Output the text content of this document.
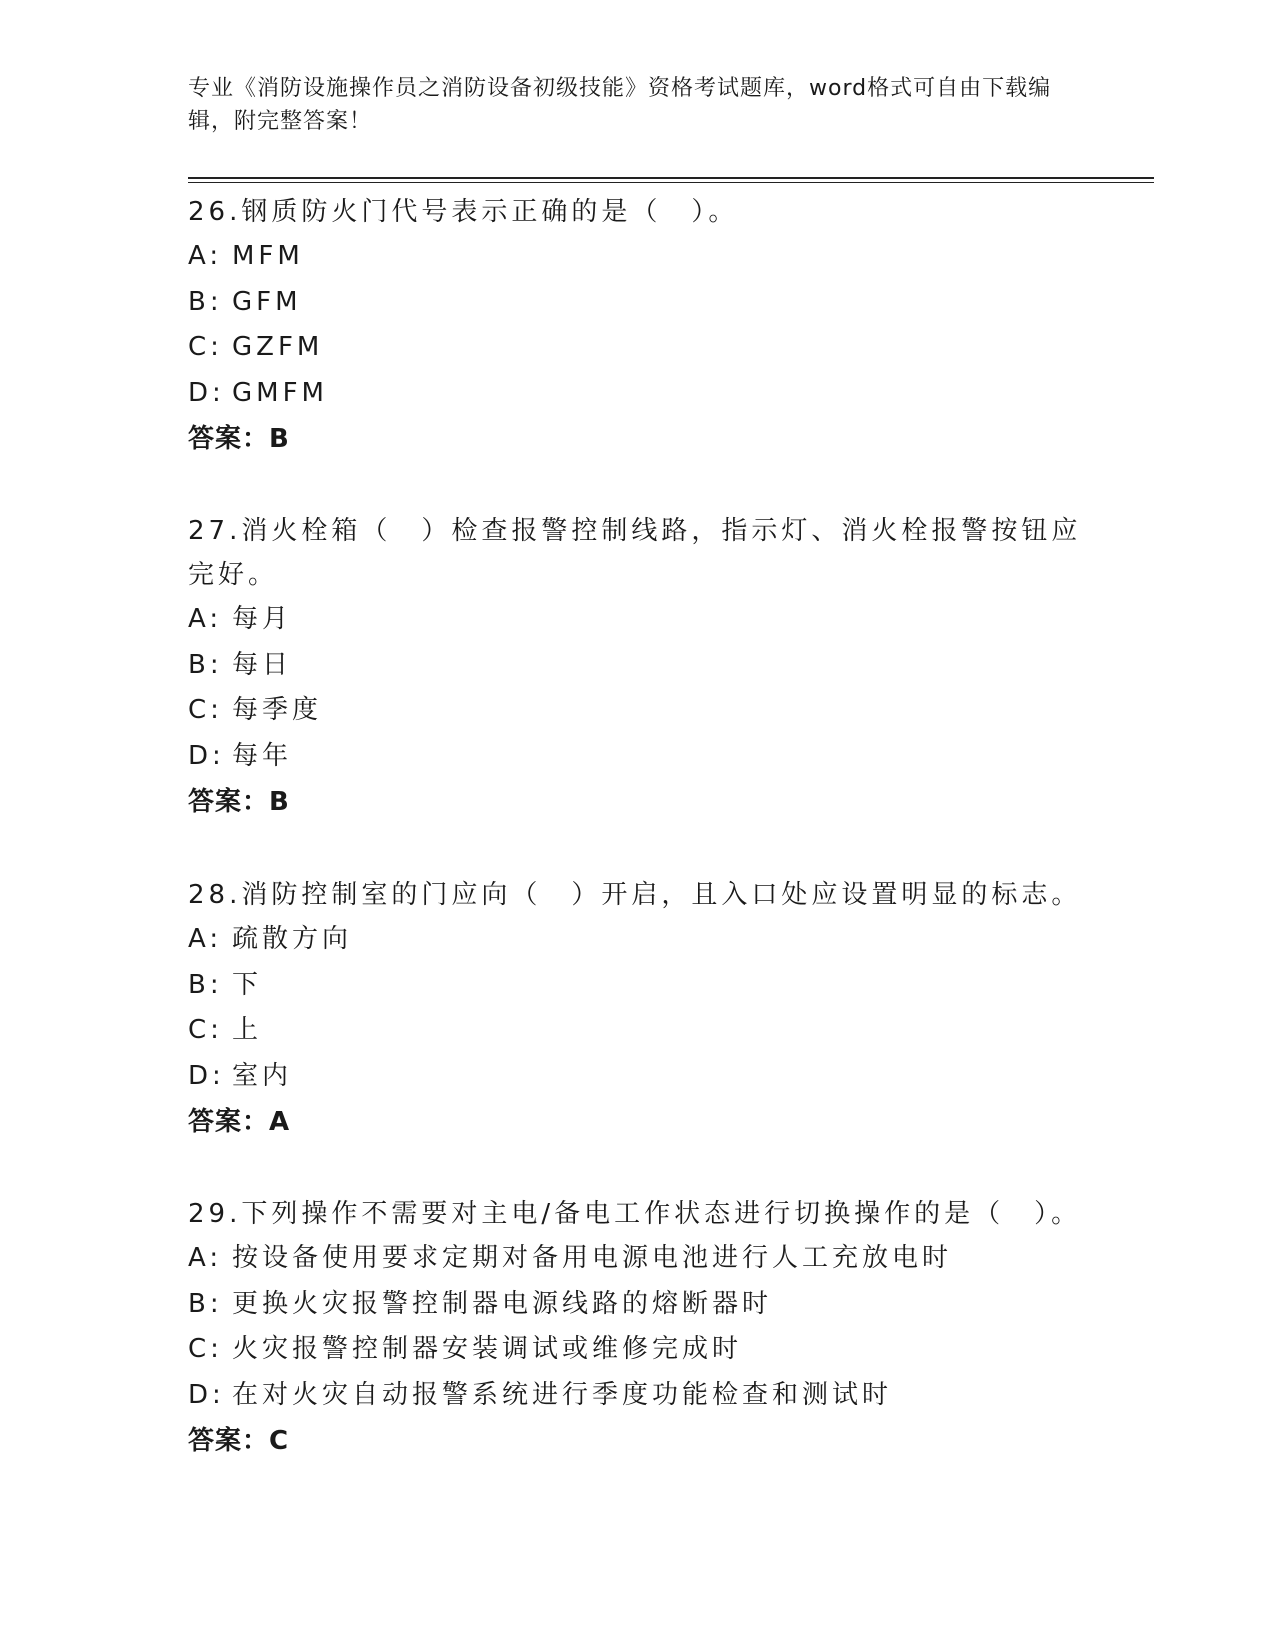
专业《消防设施操作员之消防设备初级技能》资格考试题库，word格式可自由下载编辑，附完整答案！

26.钢质防火门代号表示正确的是（　）。

A: MFM

B: GFM

C: GZFM

D: GMFM

答案：B

27.消火栓箱（　）检查报警控制线路，指示灯、消火栓报警按钮应完好。

A: 每月

B: 每日

C: 每季度

D: 每年

答案：B

28.消防控制室的门应向（　）开启，且入口处应设置明显的标志。

A: 疏散方向

B: 下

C: 上

D: 室内

答案：A

29.下列操作不需要对主电/备电工作状态进行切换操作的是（　）。

A: 按设备使用要求定期对备用电源电池进行人工充放电时

B: 更换火灾报警控制器电源线路的熔断器时

C: 火灾报警控制器安装调试或维修完成时

D: 在对火灾自动报警系统进行季度功能检查和测试时

答案：C
